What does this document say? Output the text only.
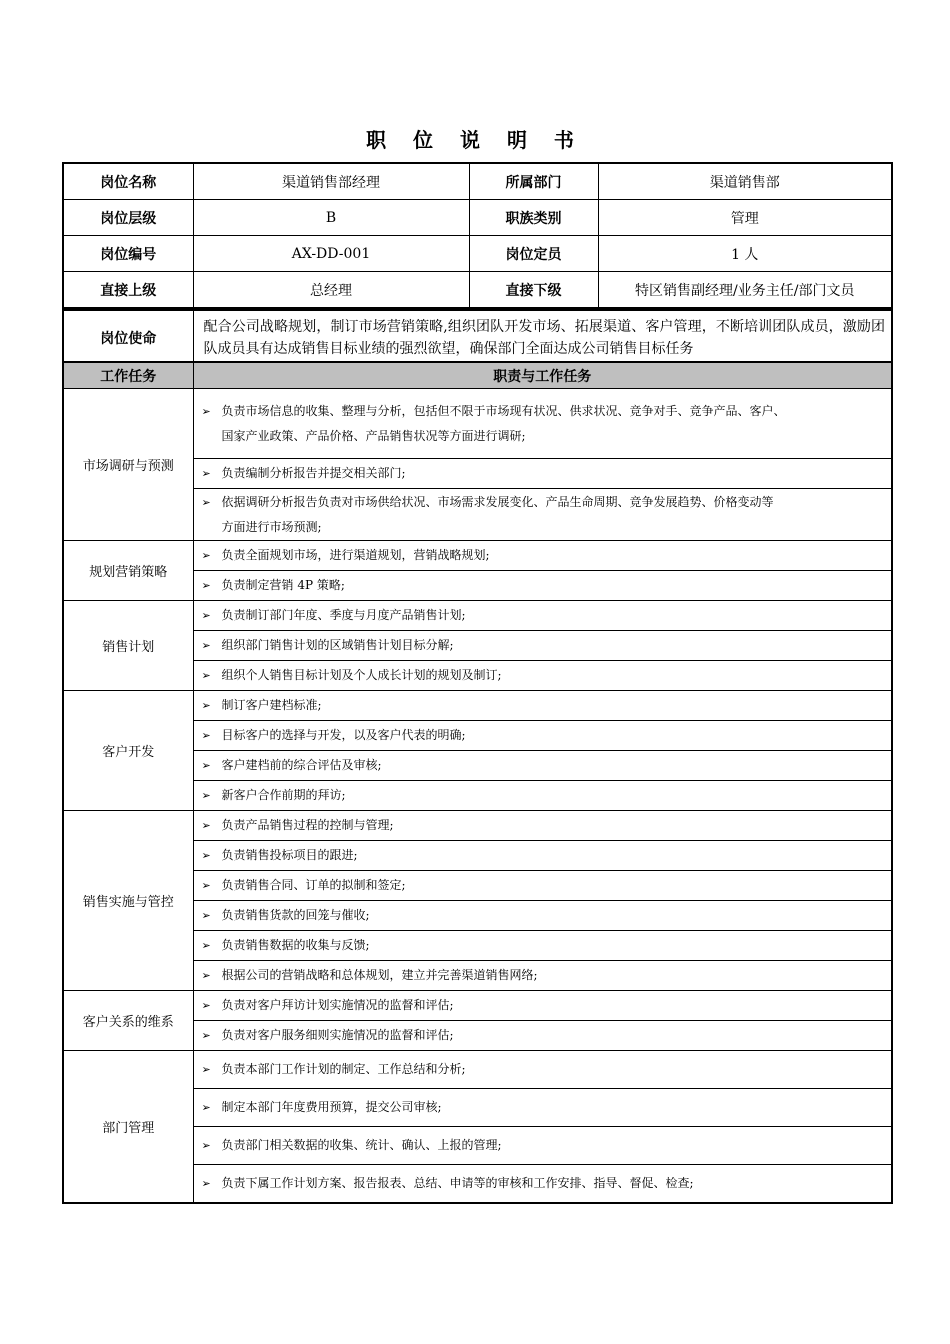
职 位 说 明 书
岗位名称	渠道销售部经理	所属部门	渠道销售部
岗位层级	B	职族类别	管理
岗位编号	AX-DD-001	岗位定员	1 人
直接上级	总经理	直接下级	特区销售副经理/业务主任/部门文员
岗位使命	配合公司战略规划，制订市场营销策略,组织团队开发市场、拓展渠道、客户管理，不断培训团队成员，激励团队成员具有达成销售目标业绩的强烈欲望，确保部门全面达成公司销售目标任务
工作任务	职责与工作任务
市场调研与预测	➢ 负责市场信息的收集、整理与分析，包括但不限于市场现有状况、供求状况、竞争对手、竞争产品、客户、
国家产业政策、产品价格、产品销售状况等方面进行调研;

	➢ 负责编制分析报告并提交相关部门;
	➢ 依据调研分析报告负责对市场供给状况、市场需求发展变化、产品生命周期、竞争发展趋势、价格变动等
方面进行市场预测;

规划营销策略	➢ 负责全面规划市场，进行渠道规划，营销战略规划;
	➢ 负责制定营销 4P 策略;
销售计划	➢ 负责制订部门年度、季度与月度产品销售计划;
	➢ 组织部门销售计划的区域销售计划目标分解;
	➢ 组织个人销售目标计划及个人成长计划的规划及制订;
客户开发	➢ 制订客户建档标准;
	➢ 目标客户的选择与开发，以及客户代表的明确;
	➢ 客户建档前的综合评估及审核;
	➢ 新客户合作前期的拜访;
销售实施与管控	➢ 负责产品销售过程的控制与管理;
	➢ 负责销售投标项目的跟进;
	➢ 负责销售合同、订单的拟制和签定;
	➢ 负责销售货款的回笼与催收;
	➢ 负责销售数据的收集与反馈;
	➢ 根据公司的营销战略和总体规划，建立并完善渠道销售网络;
客户关系的维系	➢ 负责对客户拜访计划实施情况的监督和评估;
	➢ 负责对客户服务细则实施情况的监督和评估;
部门管理	➢ 负责本部门工作计划的制定、工作总结和分析;
	➢ 制定本部门年度费用预算，提交公司审核;
	➢ 负责部门相关数据的收集、统计、确认、上报的管理;
	➢ 负责下属工作计划方案、报告报表、总结、申请等的审核和工作安排、指导、督促、检查;
